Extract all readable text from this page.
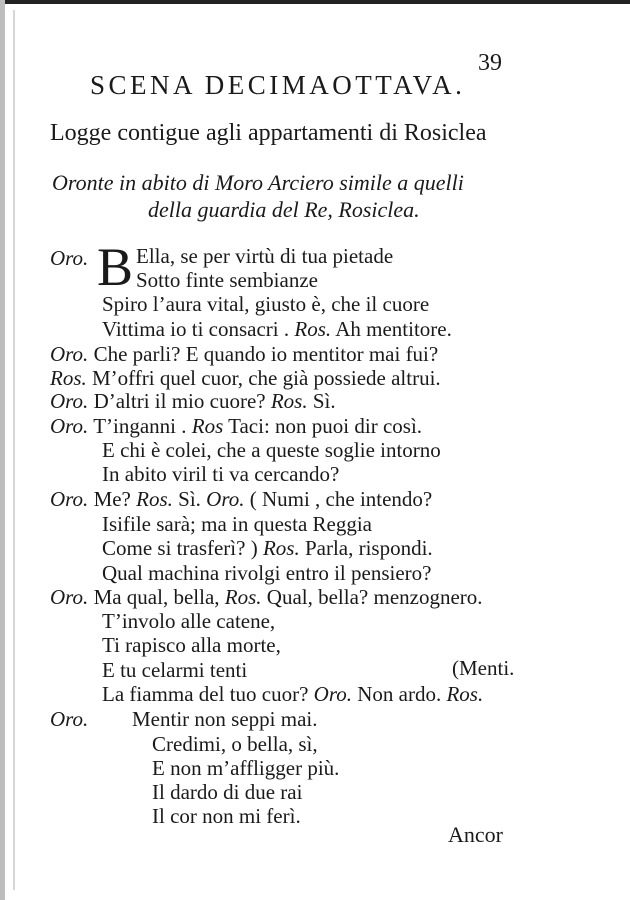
39
SCENA DECIMAOTTAVA.
Logge contigue agli appartamenti di Rosiclea
Oronte in abito di Moro Arciero simile a quelli
della guardia del Re, Rosiclea.
B
Oro. Ella, se per virtù di tua pietade
Sotto finte sembianze
Spiro l’aura vital, giusto è, che il cuore
Vittima io ti consacri . Ros. Ah mentitore.
Oro. Che parli? E quando io mentitor mai fui?
Ros. M’offri quel cuor, che già possiede altrui.
Oro. D’altri il mio cuore? Ros. Sì.
Oro. T’inganni . Ros Taci: non puoi dir così.
E chi è colei, che a queste soglie intorno
In abito viril ti va cercando?
Oro. Me? Ros. Sì. Oro. ( Numi , che intendo?
Isifile sarà; ma in questa Reggia
Come si trasferì? ) Ros. Parla, rispondi.
Qual machina rivolgi entro il pensiero?
Oro. Ma qual, bella, Ros. Qual, bella? menzognero.
T’involo alle catene,
Ti rapisco alla morte,
E tu celarmi tenti	(Menti.
La fiamma del tuo cuor? Oro. Non ardo. Ros.
Oro. Mentir non seppi mai.
Credimi, o bella, sì,
E non m’affligger più.
Il dardo di due rai
Il cor non mi ferì.
Ancor
